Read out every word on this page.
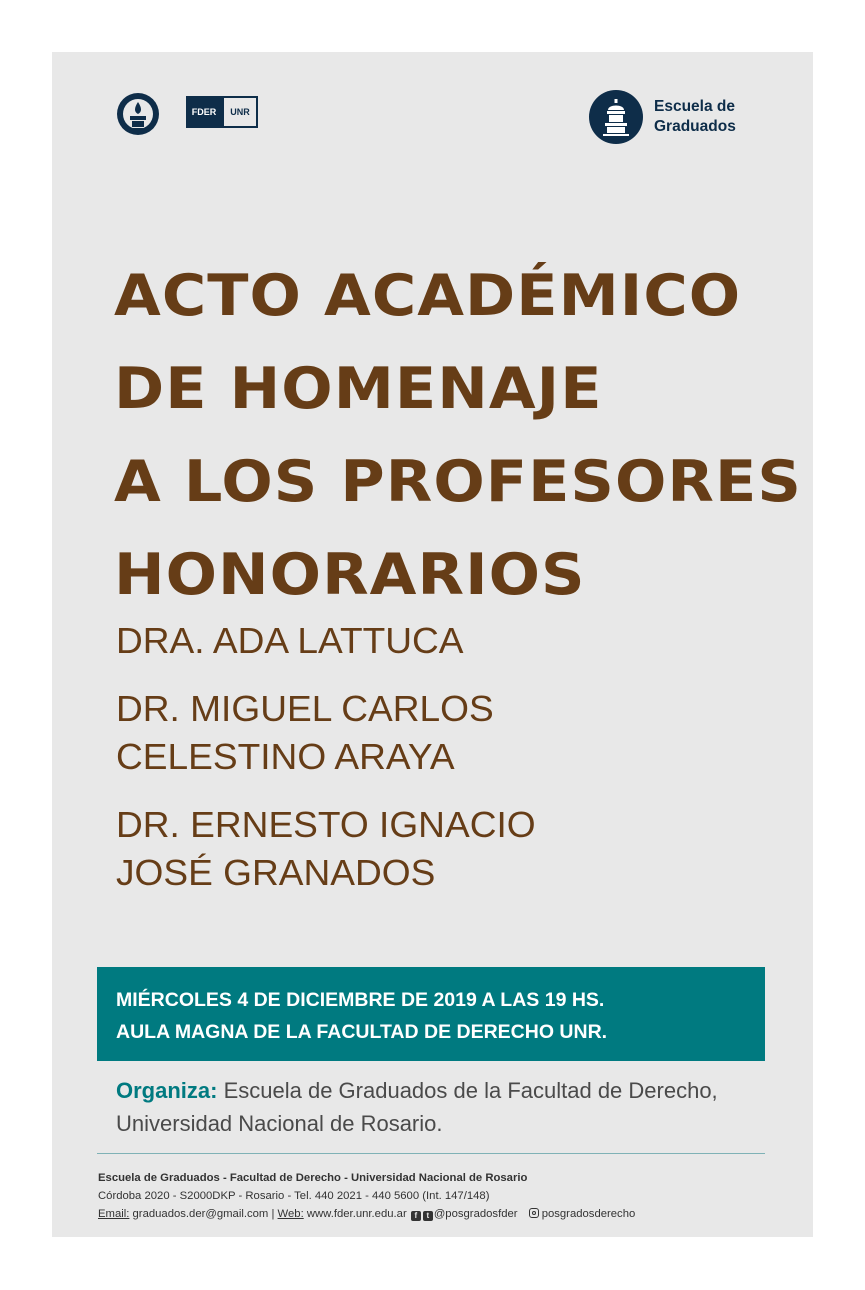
FDER	UNR	Escuela de
Graduados
ACTO ACADÉMICO
DE HOMENAJE
A LOS PROFESORES
HONORARIOS
DRA. ADA LATTUCA
DR. MIGUEL CARLOS
CELESTINO ARAYA
DR. ERNESTO IGNACIO
JOSÉ GRANADOS
MIÉRCOLES 4 DE DICIEMBRE DE 2019 A LAS 19 HS.
AULA MAGNA DE LA FACULTAD DE DERECHO UNR.
Organiza: Escuela de Graduados de la Facultad de Derecho,
Universidad Nacional de Rosario.
Escuela de Graduados - Facultad de Derecho - Universidad Nacional de Rosario
Córdoba 2020 - S2000DKP - Rosario - Tel. 440 2021 - 440 5600 (Int. 147/148)
Email: graduados.der@gmail.com | Web: www.fder.unr.edu.ar f t @posgradosfder posgradosderecho
